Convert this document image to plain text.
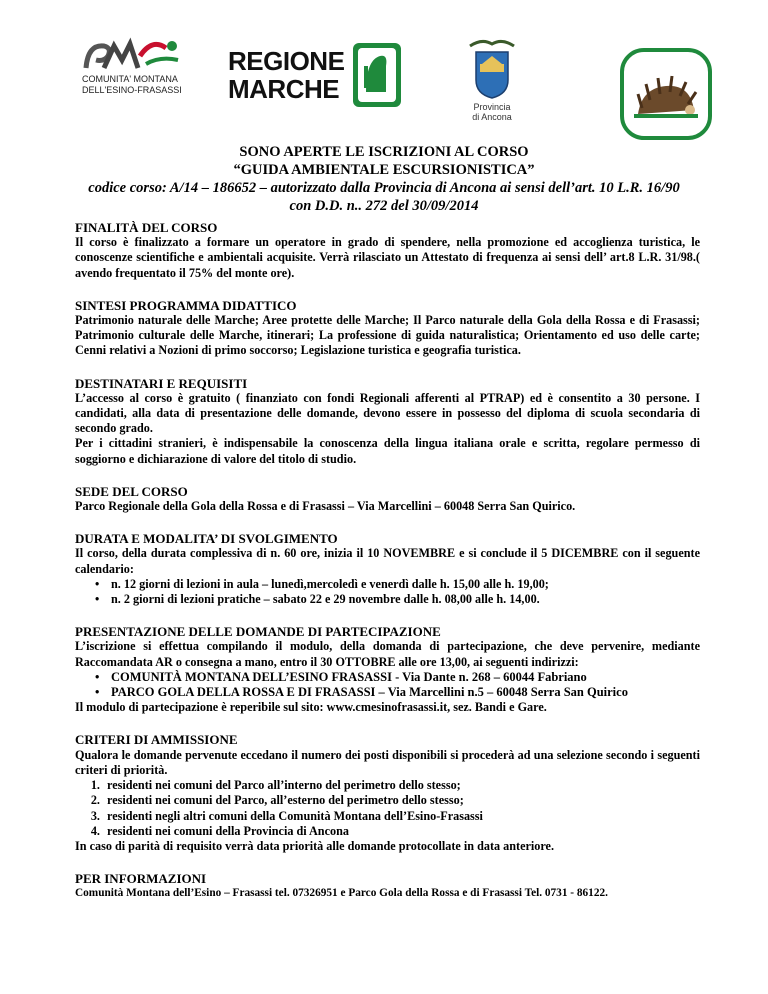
COMUNITA' MONTANA
DELL'ESINO-FRASASSI
REGIONE
MARCHE
Provincia
di Ancona
SONO APERTE LE ISCRIZIONI AL CORSO
“GUIDA AMBIENTALE ESCURSIONISTICA”
codice corso: A/14 – 186652 – autorizzato dalla Provincia di Ancona ai sensi dell’art. 10 L.R. 16/90
con D.D. n.. 272 del 30/09/2014
FINALITÀ DEL CORSO

Il corso è finalizzato a formare un operatore in grado di spendere, nella promozione ed accoglienza turistica, le conoscenze scientifiche e ambientali acquisite. Verrà rilasciato un Attestato di frequenza ai sensi dell’ art.8 L.R. 31/98.( avendo frequentato il 75% del monte ore).

SINTESI PROGRAMMA DIDATTICO

Patrimonio naturale delle Marche; Aree protette delle Marche; Il Parco naturale della Gola della Rossa e di Frasassi; Patrimonio culturale delle Marche, itinerari; La professione di guida naturalistica; Orientamento ed uso delle carte; Cenni relativi a Nozioni di primo soccorso; Legislazione turistica e geografia turistica.

DESTINATARI E REQUISITI

L’accesso al corso è gratuito ( finanziato con fondi Regionali afferenti al PTRAP) ed è consentito a 30 persone. I candidati, alla data di presentazione delle domande, devono essere in possesso del diploma di scuola secondaria di secondo grado.

Per i cittadini stranieri, è indispensabile la conoscenza della lingua italiana orale e scritta, regolare permesso di soggiorno e dichiarazione di valore del titolo di studio.

SEDE DEL CORSO

Parco Regionale della Gola della Rossa e di Frasassi – Via Marcellini – 60048 Serra San Quirico.

DURATA E MODALITA’ DI SVOLGIMENTO

Il corso, della durata complessiva di n. 60 ore, inizia il 10 NOVEMBRE e si conclude il 5 DICEMBRE con il seguente calendario:

• n. 12 giorni di lezioni in aula – lunedì,mercoledì e venerdì dalle h. 15,00 alle h. 19,00;
• n. 2 giorni di lezioni pratiche – sabato 22 e 29 novembre dalle h. 08,00 alle h. 14,00.
PRESENTAZIONE DELLE DOMANDE DI PARTECIPAZIONE

L’iscrizione si effettua compilando il modulo, della domanda di partecipazione, che deve pervenire, mediante Raccomandata AR o consegna a mano, entro il 30 OTTOBRE alle ore 13,00, ai seguenti indirizzi:

• COMUNITÀ MONTANA DELL’ESINO FRASASSI - Via Dante n. 268 – 60044 Fabriano
• PARCO GOLA DELLA ROSSA E DI FRASASSI – Via Marcellini n.5 – 60048 Serra San Quirico

Il modulo di partecipazione è reperibile sul sito: www.cmesinofrasassi.it, sez. Bandi e Gare.

CRITERI DI AMMISSIONE

Qualora le domande pervenute eccedano il numero dei posti disponibili si procederà ad una selezione secondo i seguenti criteri di priorità.

1. residenti nei comuni del Parco all’interno del perimetro dello stesso;
2. residenti nei comuni del Parco, all’esterno del perimetro dello stesso;
3. residenti negli altri comuni della Comunità Montana dell’Esino-Frasassi
4. residenti nei comuni della Provincia di Ancona

In caso di parità di requisito verrà data priorità alle domande protocollate in data anteriore.

PER INFORMAZIONI

Comunità Montana dell’Esino – Frasassi tel. 07326951 e Parco Gola della Rossa e di Frasassi Tel. 0731 - 86122.
